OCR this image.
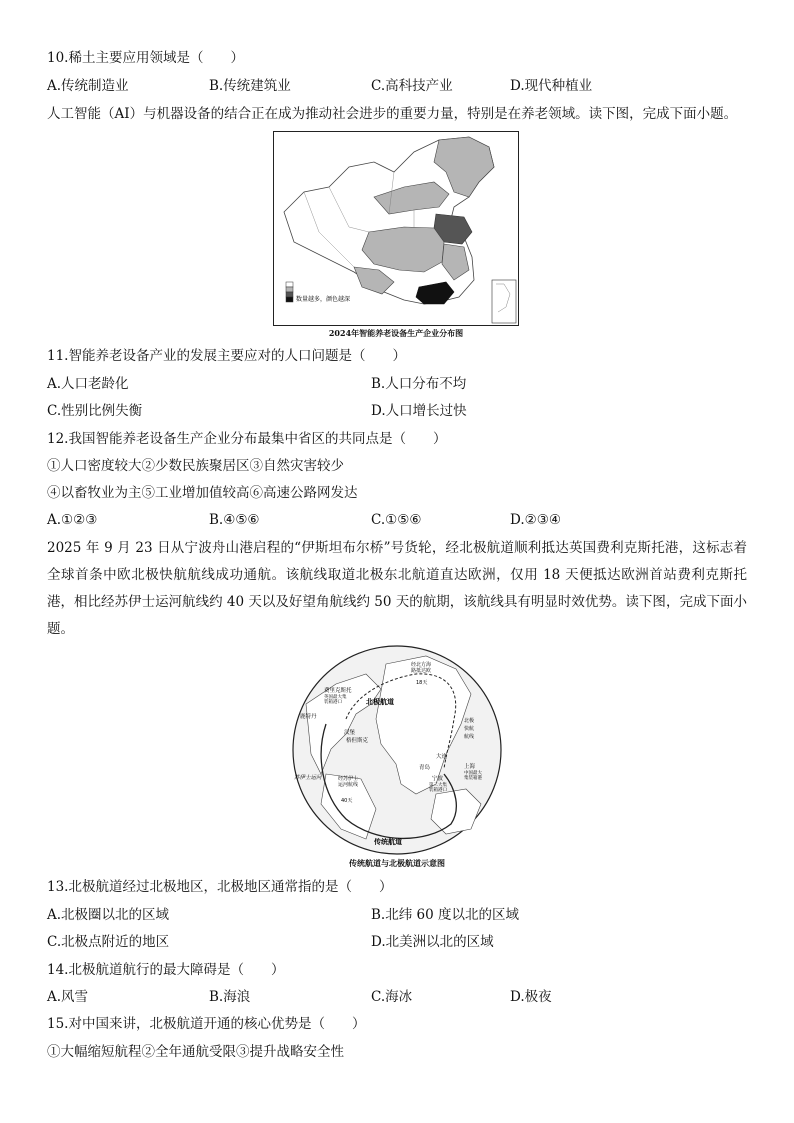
10.稀土主要应用领域是（　　）
A.传统制造业	B.传统建筑业	C.高科技产业	D.现代种植业
人工智能（AI）与机器设备的结合正在成为推动社会进步的重要力量，特别是在养老领域。读下图，完成下面小题。
数量越多，颜色越深
2024年智能养老设备生产企业分布图
11.智能养老设备产业的发展主要应对的人口问题是（　　）
A.人口老龄化	B.人口分布不均
C.性别比例失衡	D.人口增长过快
12.我国智能养老设备生产企业分布最集中省区的共同点是（　　）
①人口密度较大②少数民族聚居区③自然灾害较少
④以畜牧业为主⑤工业增加值较高⑥高速公路网发达
A.①②③	B.④⑤⑥	C.①⑤⑥	D.②③④
2025 年 9 月 23 日从宁波舟山港启程的“伊斯坦布尔桥”号货轮，经北极航道顺利抵达英国费利克斯托港，这标志着全球首条中欧北极快航航线成功通航。该航线取道北极东北航道直达欧洲，仅用 18 天便抵达欧洲首站费利克斯托港，相比经苏伊士运河航线约 40 天以及好望角航线约 50 天的航期，该航线具有明显时效优势。读下图，完成下面小题。
北极航道
传统航道
费里克斯托
英国最大集
装箱港口
鹿特丹
汉堡
格但斯克
苏伊士运河	经苏伊士
运河航线
40天
经北方海
路抵达欧
18天
北极
快航
航线
大连
青岛	上海
中国最大
集装箱港
宁波
第二大集
装箱港口
传统航道与北极航道示意图
13.北极航道经过北极地区，北极地区通常指的是（　　）
A.北极圈以北的区域	B.北纬 60 度以北的区域
C.北极点附近的地区	D.北美洲以北的区域
14.北极航道航行的最大障碍是（　　）
A.风雪	B.海浪	C.海冰	D.极夜
15.对中国来讲，北极航道开通的核心优势是（　　）
①大幅缩短航程②全年通航受限③提升战略安全性
